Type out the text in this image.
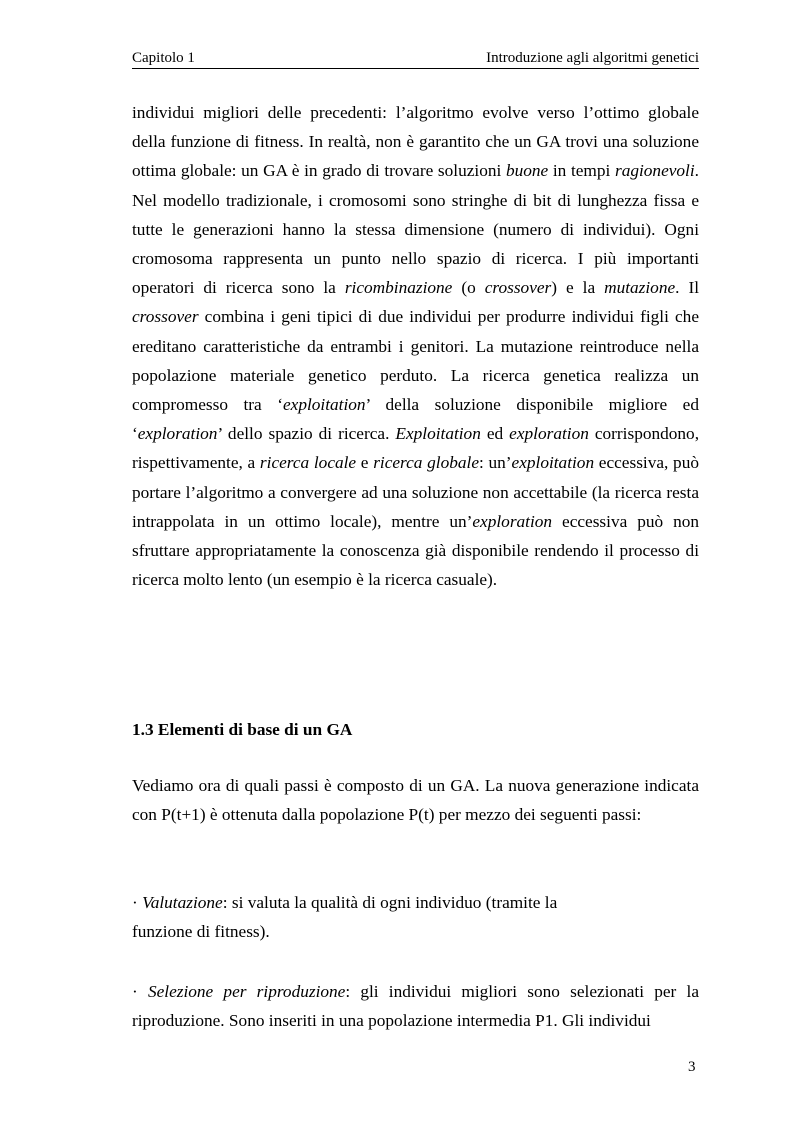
Capitolo 1	Introduzione agli algoritmi genetici

individui migliori delle precedenti: l’algoritmo evolve verso l’ottimo globale della funzione di fitness. In realtà, non è garantito che un GA trovi una soluzione ottima globale: un GA è in grado di trovare soluzioni buone in tempi ragionevoli. Nel modello tradizionale, i cromosomi sono stringhe di bit di lunghezza fissa e tutte le generazioni hanno la stessa dimensione (numero di individui). Ogni cromosoma rappresenta un punto nello spazio di ricerca. I più importanti operatori di ricerca sono la ricombinazione (o crossover) e la mutazione. Il crossover combina i geni tipici di due individui per produrre individui figli che ereditano caratteristiche da entrambi i genitori. La mutazione reintroduce nella popolazione materiale genetico perduto. La ricerca genetica realizza un compromesso tra ‘exploitation’ della soluzione disponibile migliore ed ‘exploration’ dello spazio di ricerca. Exploitation ed exploration corrispondono, rispettivamente, a ricerca locale e ricerca globale: un’exploitation eccessiva, può portare l’algoritmo a convergere ad una soluzione non accettabile (la ricerca resta intrappolata in un ottimo locale), mentre un’exploration eccessiva può non sfruttare appropriatamente la conoscenza già disponibile rendendo il processo di ricerca molto lento (un esempio è la ricerca casuale).

1.3 Elementi di base di un GA

Vediamo ora di quali passi è composto di un GA. La nuova generazione indicata con P(t+1) è ottenuta dalla popolazione P(t) per mezzo dei seguenti passi:

· Valutazione: si valuta la qualità di ogni individuo (tramite la
funzione di fitness).

· Selezione per riproduzione: gli individui migliori sono selezionati per la riproduzione. Sono inseriti in una popolazione intermedia P1. Gli individui

3
